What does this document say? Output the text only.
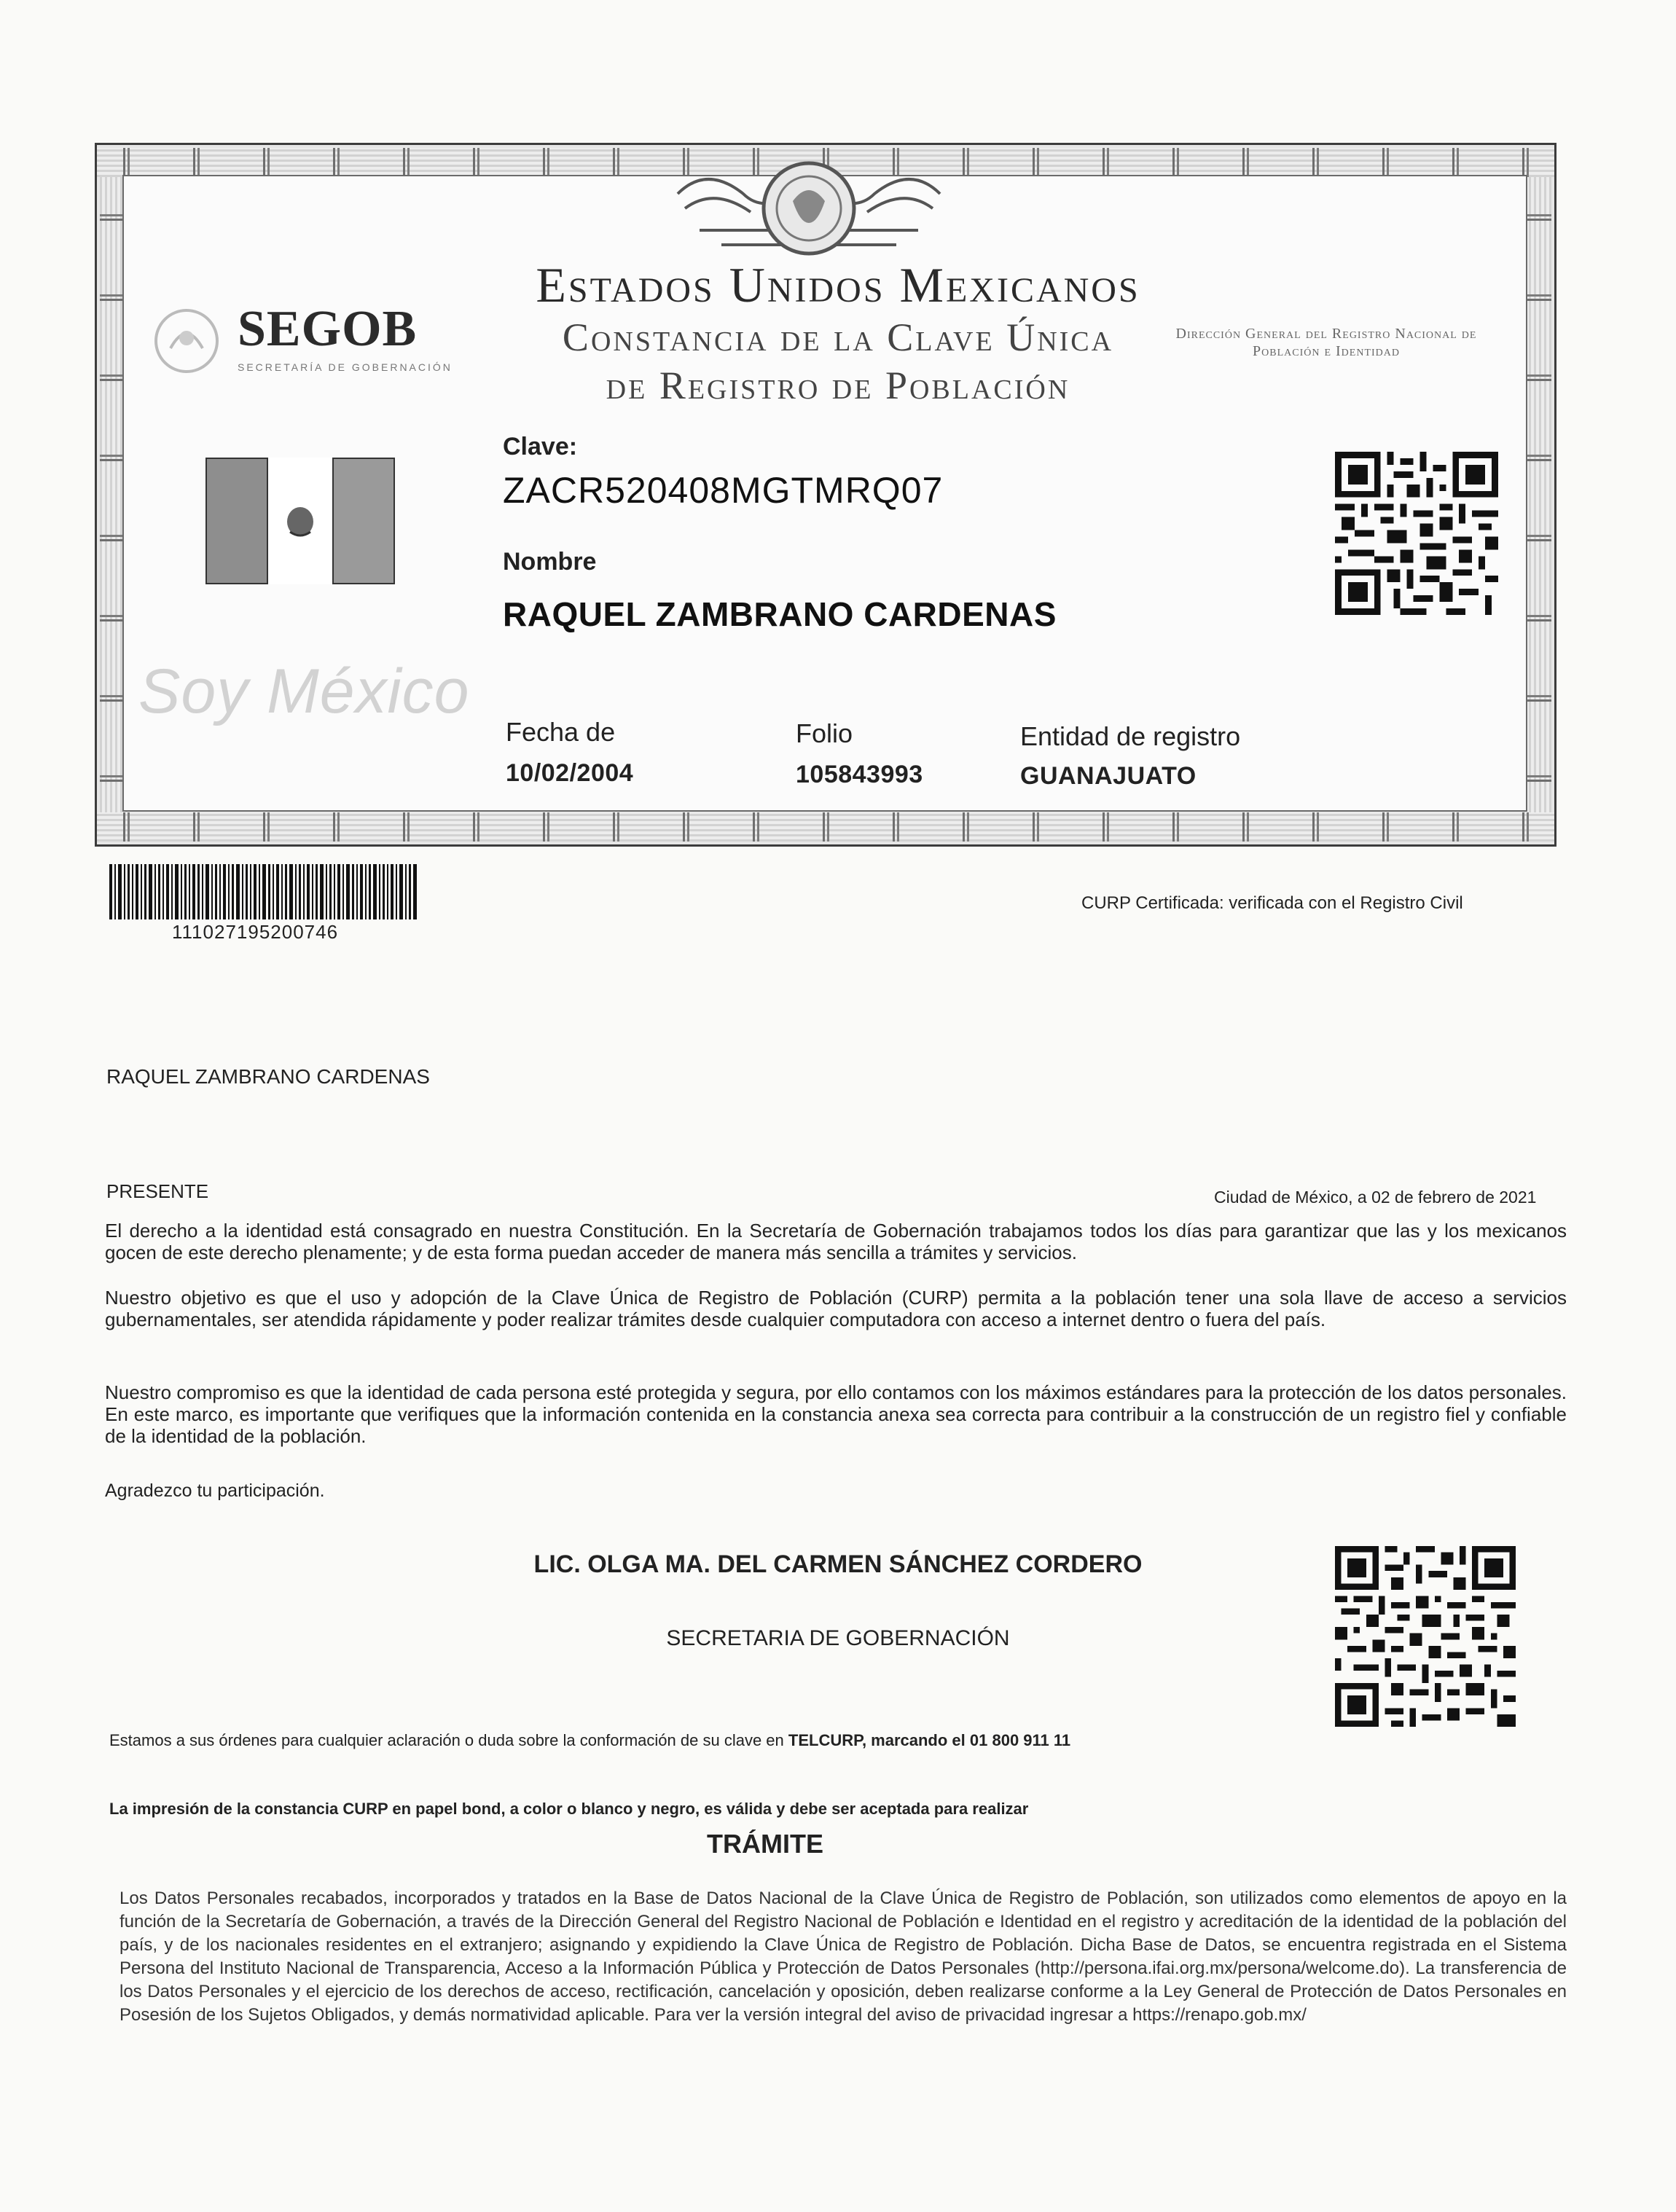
Estados Unidos Mexicanos
Constancia de la Clave Única
de Registro de Población
SEGOB
SECRETARÍA DE GOBERNACIÓN
Dirección General del Registro Nacional de Población e Identidad
Soy México
Clave:
ZACR520408MGTMRQ07
Nombre
RAQUEL ZAMBRANO CARDENAS
Fecha de
10/02/2004
Folio
105843993
Entidad de registro
GUANAJUATO
111027195200746
CURP Certificada: verificada con el Registro Civil
RAQUEL ZAMBRANO CARDENAS
PRESENTE	Ciudad de México, a 02 de febrero de 2021
El derecho a la identidad está consagrado en nuestra Constitución. En la Secretaría de Gobernación trabajamos todos los días para garantizar que las y los mexicanos gocen de este derecho plenamente; y de esta forma puedan acceder de manera más sencilla a trámites y servicios.
Nuestro objetivo es que el uso y adopción de la Clave Única de Registro de Población (CURP) permita a la población tener una sola llave de acceso a servicios gubernamentales, ser atendida rápidamente y poder realizar trámites desde cualquier computadora con acceso a internet dentro o fuera del país.
Nuestro compromiso es que la identidad de cada persona esté protegida y segura, por ello contamos con los máximos estándares para la protección de los datos personales. En este marco, es importante que verifiques que la información contenida en la constancia anexa sea correcta para contribuir a la construcción de un registro fiel y confiable de la identidad de la población.
Agradezco tu participación.
LIC. OLGA MA. DEL CARMEN SÁNCHEZ CORDERO
SECRETARIA DE GOBERNACIÓN
Estamos a sus órdenes para cualquier aclaración o duda sobre la conformación de su clave en TELCURP, marcando el 01 800 911 11
La impresión de la constancia CURP en papel bond, a color o blanco y negro, es válida y debe ser aceptada para realizar
TRÁMITE
Los Datos Personales recabados, incorporados y tratados en la Base de Datos Nacional de la Clave Única de Registro de Población, son utilizados como elementos de apoyo en la función de la Secretaría de Gobernación, a través de la Dirección General del Registro Nacional de Población e Identidad en el registro y acreditación de la identidad de la población del país, y de los nacionales residentes en el extranjero; asignando y expidiendo la Clave Única de Registro de Población. Dicha Base de Datos, se encuentra registrada en el Sistema Persona del Instituto Nacional de Transparencia, Acceso a la Información Pública y Protección de Datos Personales (http://persona.ifai.org.mx/persona/welcome.do). La transferencia de los Datos Personales y el ejercicio de los derechos de acceso, rectificación, cancelación y oposición, deben realizarse conforme a la Ley General de Protección de Datos Personales en Posesión de los Sujetos Obligados, y demás normatividad aplicable. Para ver la versión integral del aviso de privacidad ingresar a https://renapo.gob.mx/
